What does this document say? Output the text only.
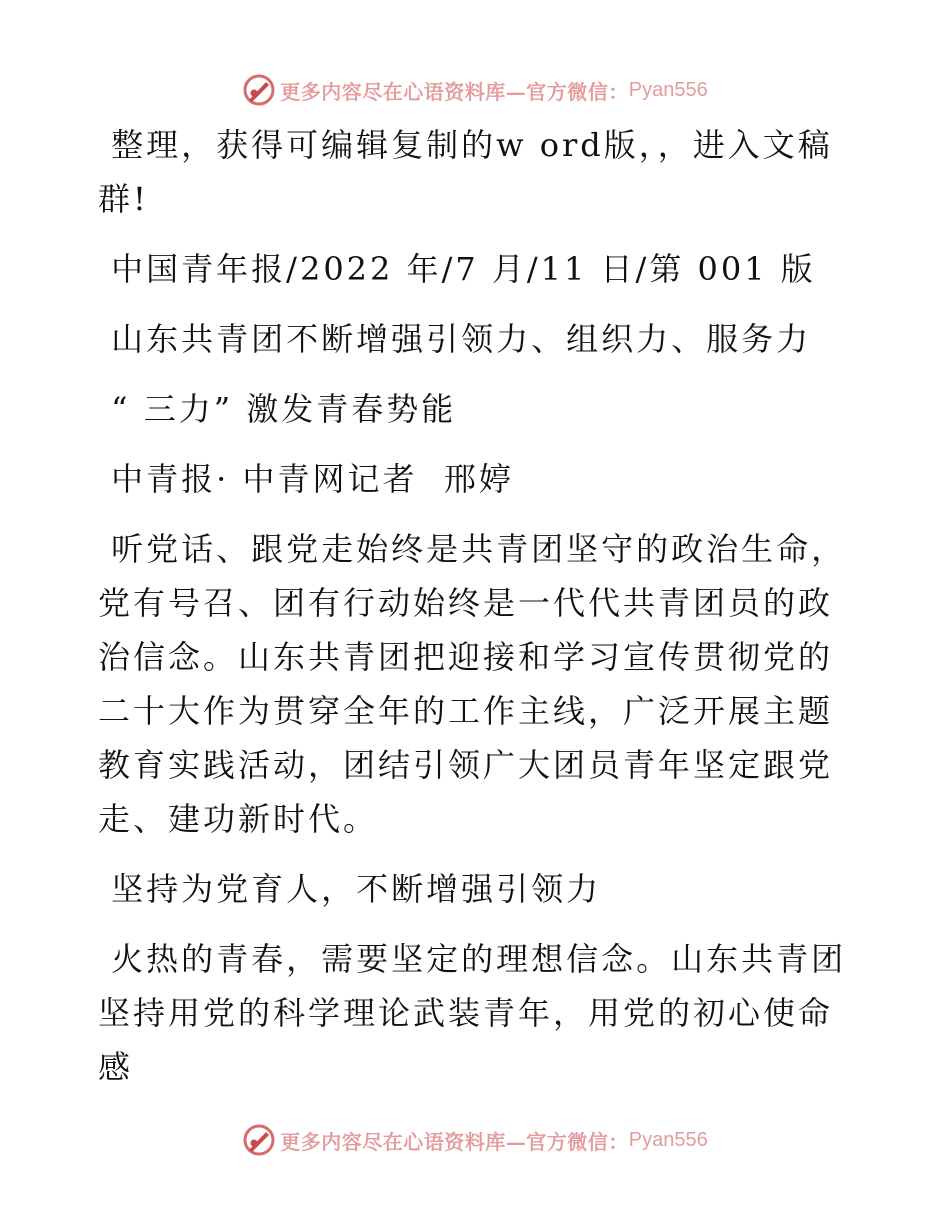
更多内容尽在心语资料库—官方微信： Pyan556

整理，获得可编辑复制的w ord版，，进入文稿群!

中国青年报/2022 年/7 月/11 日/第 001 版

山东共青团不断增强引领力、组织力、服务力

“ 三力” 激发青春势能

中青报· 中青网记者  邢婷

听党话、跟党走始终是共青团坚守的政治生命，党有号召、团有行动始终是一代代共青团员的政治信念。山东共青团把迎接和学习宣传贯彻党的二十大作为贯穿全年的工作主线，广泛开展主题教育实践活动，团结引领广大团员青年坚定跟党走、建功新时代。

坚持为党育人，不断增强引领力

火热的青春，需要坚定的理想信念。山东共青团坚持用党的科学理论武装青年，用党的初心使命感

更多内容尽在心语资料库—官方微信： Pyan556
